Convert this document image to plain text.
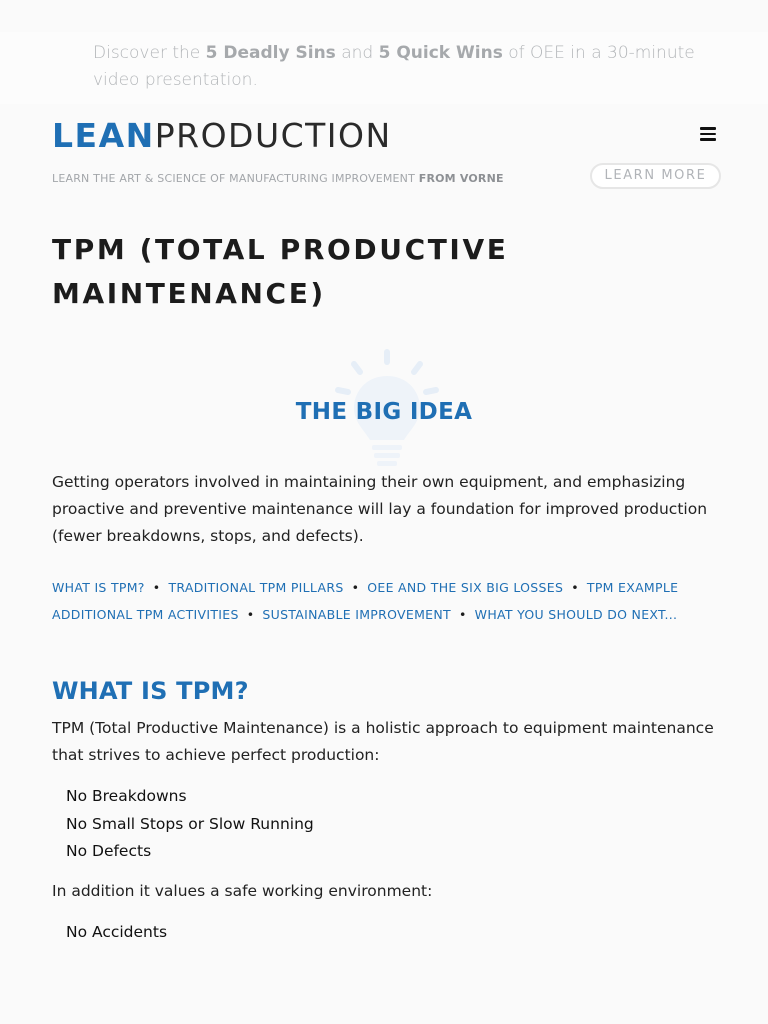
Discover the 5 Deadly Sins and 5 Quick Wins of OEE in a 30-minute video presentation.

LEANPRODUCTION
LEARN THE ART & SCIENCE OF MANUFACTURING IMPROVEMENT FROM VORNE	LEARN MORE
TPM (TOTAL PRODUCTIVE MAINTENANCE)
THE BIG IDEA

Getting operators involved in maintaining their own equipment, and emphasizing proactive and preventive maintenance will lay a foundation for improved production (fewer breakdowns, stops, and defects).

WHAT IS TPM? • TRADITIONAL TPM PILLARS • OEE AND THE SIX BIG LOSSES • TPM EXAMPLE
ADDITIONAL TPM ACTIVITIES • SUSTAINABLE IMPROVEMENT • WHAT YOU SHOULD DO NEXT...
WHAT IS TPM?

TPM (Total Productive Maintenance) is a holistic approach to equipment maintenance that strives to achieve perfect production:

No Breakdowns
No Small Stops or Slow Running
No Defects

In addition it values a safe working environment:

No Accidents
